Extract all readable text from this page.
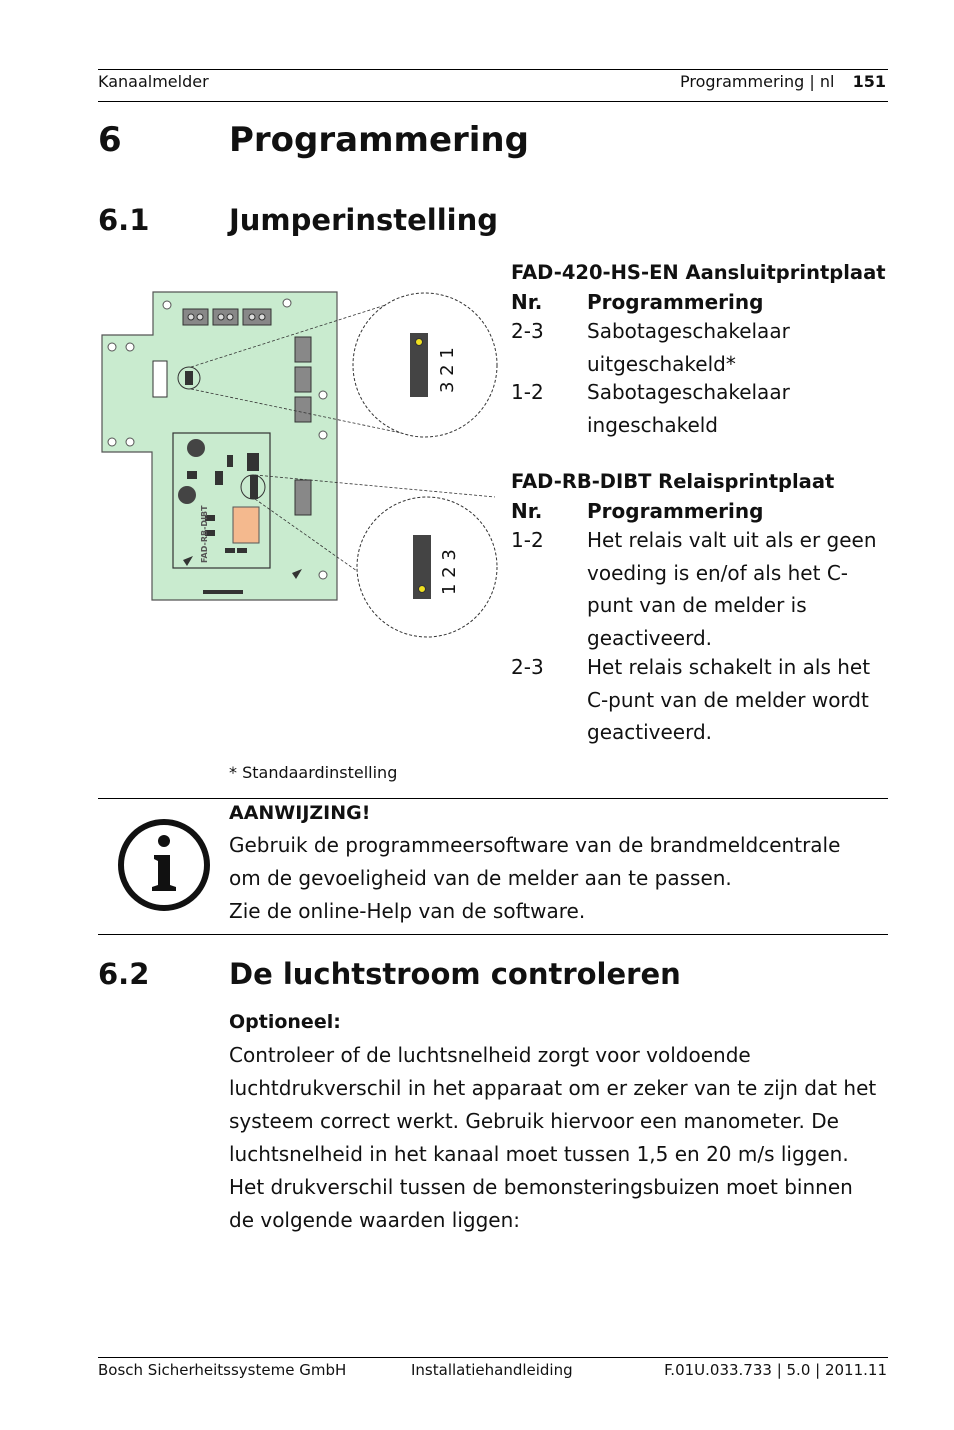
Kanaalmelder	Programmering | nl 151
6	Programmering
6.1	Jumperinstelling
FAD-RB-DIBT
3 2 1
1 2 3
FAD-420-HS-EN Aansluitprintplaat
Nr.	Programmering
2-3	Sabotageschakelaar
uitgeschakeld*
1-2	Sabotageschakelaar
ingeschakeld
FAD-RB-DIBT Relaisprintplaat
Nr.	Programmering
1-2	Het relais valt uit als er geen
voeding is en/of als het C-
punt van de melder is
geactiveerd.
2-3	Het relais schakelt in als het
C-punt van de melder wordt
geactiveerd.
* Standaardinstelling
AANWIJZING!
Gebruik de programmeersoftware van de brandmeldcentrale
om de gevoeligheid van de melder aan te passen.
Zie de online-Help van de software.
6.2	De luchtstroom controleren
Optioneel:
Controleer of de luchtsnelheid zorgt voor voldoende
luchtdrukverschil in het apparaat om er zeker van te zijn dat het
systeem correct werkt. Gebruik hiervoor een manometer. De
luchtsnelheid in het kanaal moet tussen 1,5 en 20 m/s liggen.
Het drukverschil tussen de bemonsteringsbuizen moet binnen
de volgende waarden liggen:
Bosch Sicherheitssysteme GmbH	Installatiehandleiding	F.01U.033.733 | 5.0 | 2011.11
